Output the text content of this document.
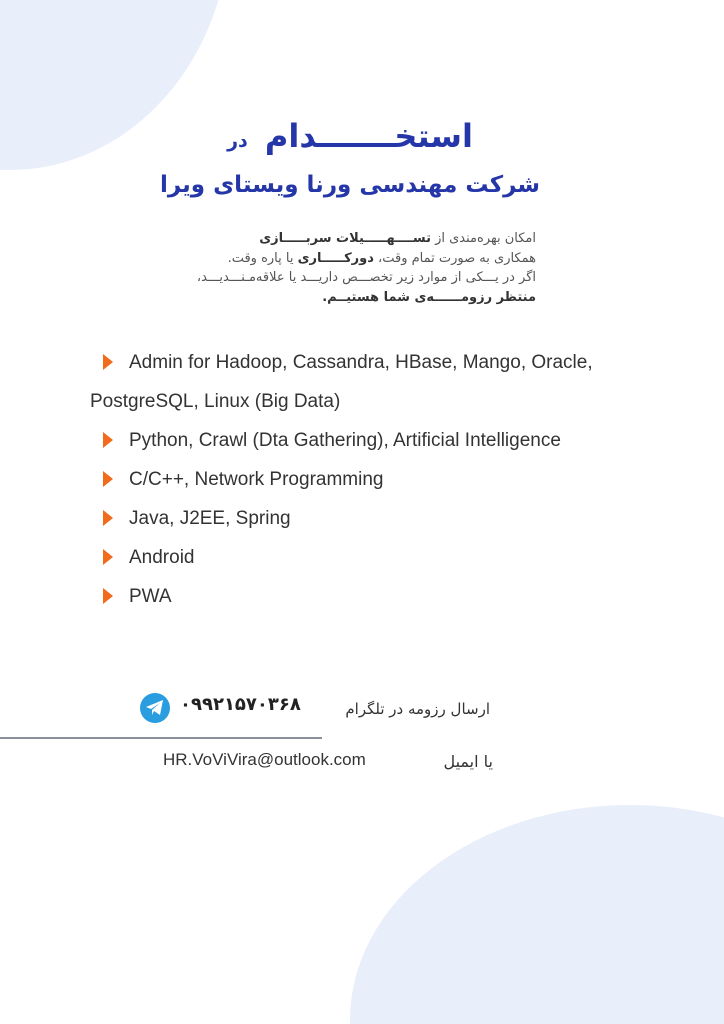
استخـــــــدام در
شرکت مهندسی ورنا ویستای ویرا

امکان بهره‌مندی از تســــهـــــیلات سربـــــازی

همکاری به صورت تمام وقت، دورکـــــاری یا پاره وقت.

اگر در یـــکی از موارد زیر تخصـــص داریـــد یا علاقه‌مـنـــدیـــد،

منتظر رزومــــــه‌ی شما هستیــم.

Admin for Hadoop, Cassandra, HBase, Mango, Oracle,
PostgreSQL, Linux (Big Data)
Python, Crawl (Dta Gathering), Artificial Intelligence
C/C++, Network Programming
Java, J2EE, Spring
Android
PWA
۰۹۹۲۱۵۷۰۳۶۸	ارسال رزومه در تلگرام
HR.VoViVira@outlook.com	یا ایمیل
